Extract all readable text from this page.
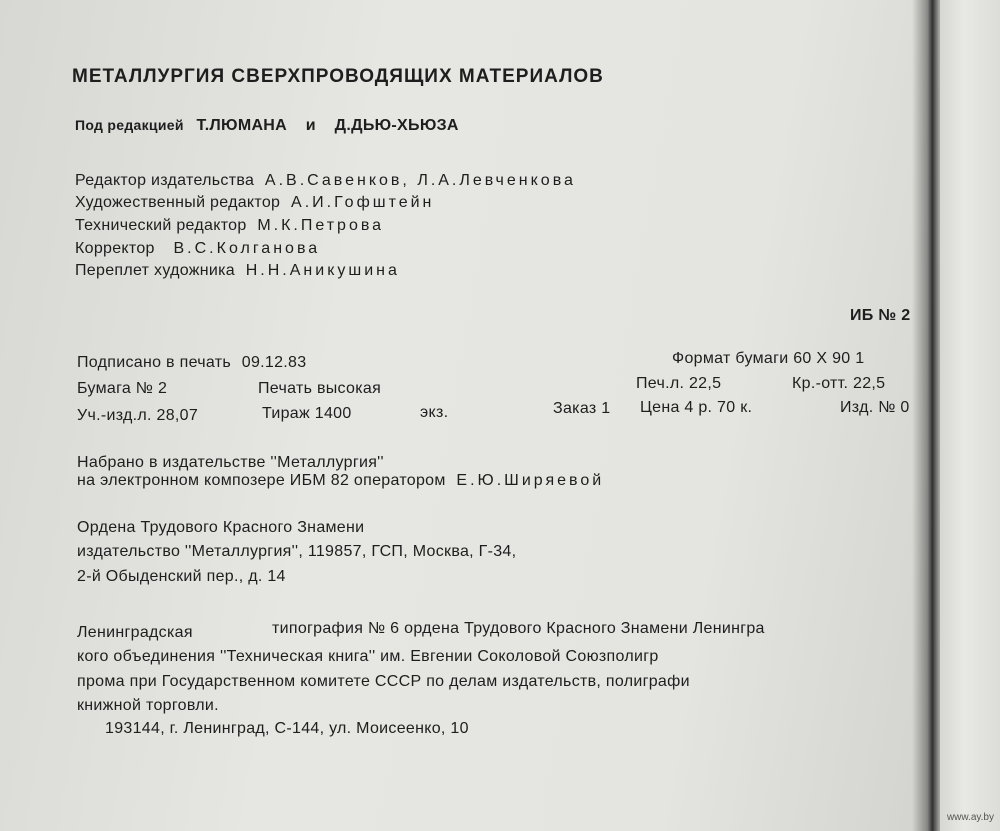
МЕТАЛЛУРГИЯ СВЕРХПРОВОДЯЩИХ МАТЕРИАЛОВ
Под редакцией Т.ЛЮМАНА и Д.ДЬЮ-ХЬЮЗА
Редактор издательства А.В.Савенков, Л.А.Левченкова
Художественный редактор А.И.Гофштейн
Технический редактор М.К.Петрова
Корректор В.С.Колганова
Переплет художника Н.Н.Аникушина
ИБ № 2
Подписано в печать 09.12.83	Формат бумаги 60 X 90 1
Бумага № 2	Печать высокая	Печ.л. 22,5	Кр.-отт. 22,5
Уч.-изд.л. 28,07	Тираж 1400	экз.	Заказ 1 Цена 4 р. 70 к.	Изд. № 0
Набрано в издательстве ''Металлургия''
на электронном композере ИБМ 82 оператором Е.Ю.Ширяевой
Ордена Трудового Красного Знамени
издательство ''Металлургия'', 119857, ГСП, Москва, Г-34,
2-й Обыденский пер., д. 14
Ленинградская	типография № 6 ордена Трудового Красного Знамени Ленингра
кого объединения ''Техническая книга'' им. Евгении Соколовой Союзполигр
прома при Государственном комитете СССР по делам издательств, полиграфи
книжной торговли.
193144, г. Ленинград, С-144, ул. Моисеенко, 10
www.ay.by
